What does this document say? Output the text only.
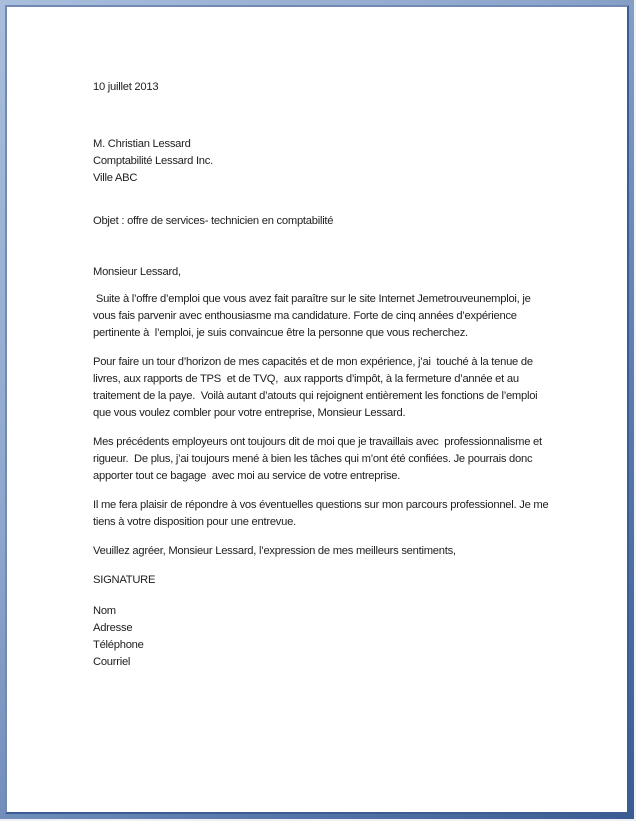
10 juillet 2013
M. Christian Lessard
Comptabilité Lessard Inc.
Ville ABC
Objet : offre de services- technicien en comptabilité
Monsieur Lessard,

Suite à l’offre d’emploi que vous avez fait paraître sur le site Internet Jemetrouveunemploi, je vous fais parvenir avec enthousiasme ma candidature. Forte de cinq années d’expérience pertinente à  l’emploi, je suis convaincue être la personne que vous recherchez.

Pour faire un tour d’horizon de mes capacités et de mon expérience, j’ai  touché à la tenue de livres, aux rapports de TPS  et de TVQ,  aux rapports d’impôt, à la fermeture d’année et au traitement de la paye.  Voilà autant d’atouts qui rejoignent entièrement les fonctions de l’emploi que vous voulez combler pour votre entreprise, Monsieur Lessard.

Mes précédents employeurs ont toujours dit de moi que je travaillais avec  professionnalisme et rigueur.  De plus, j’ai toujours mené à bien les tâches qui m’ont été confiées. Je pourrais donc apporter tout ce bagage  avec moi au service de votre entreprise.

Il me fera plaisir de répondre à vos éventuelles questions sur mon parcours professionnel. Je me tiens à votre disposition pour une entrevue.

Veuillez agréer, Monsieur Lessard, l’expression de mes meilleurs sentiments,

SIGNATURE
Nom
Adresse
Téléphone
Courriel
